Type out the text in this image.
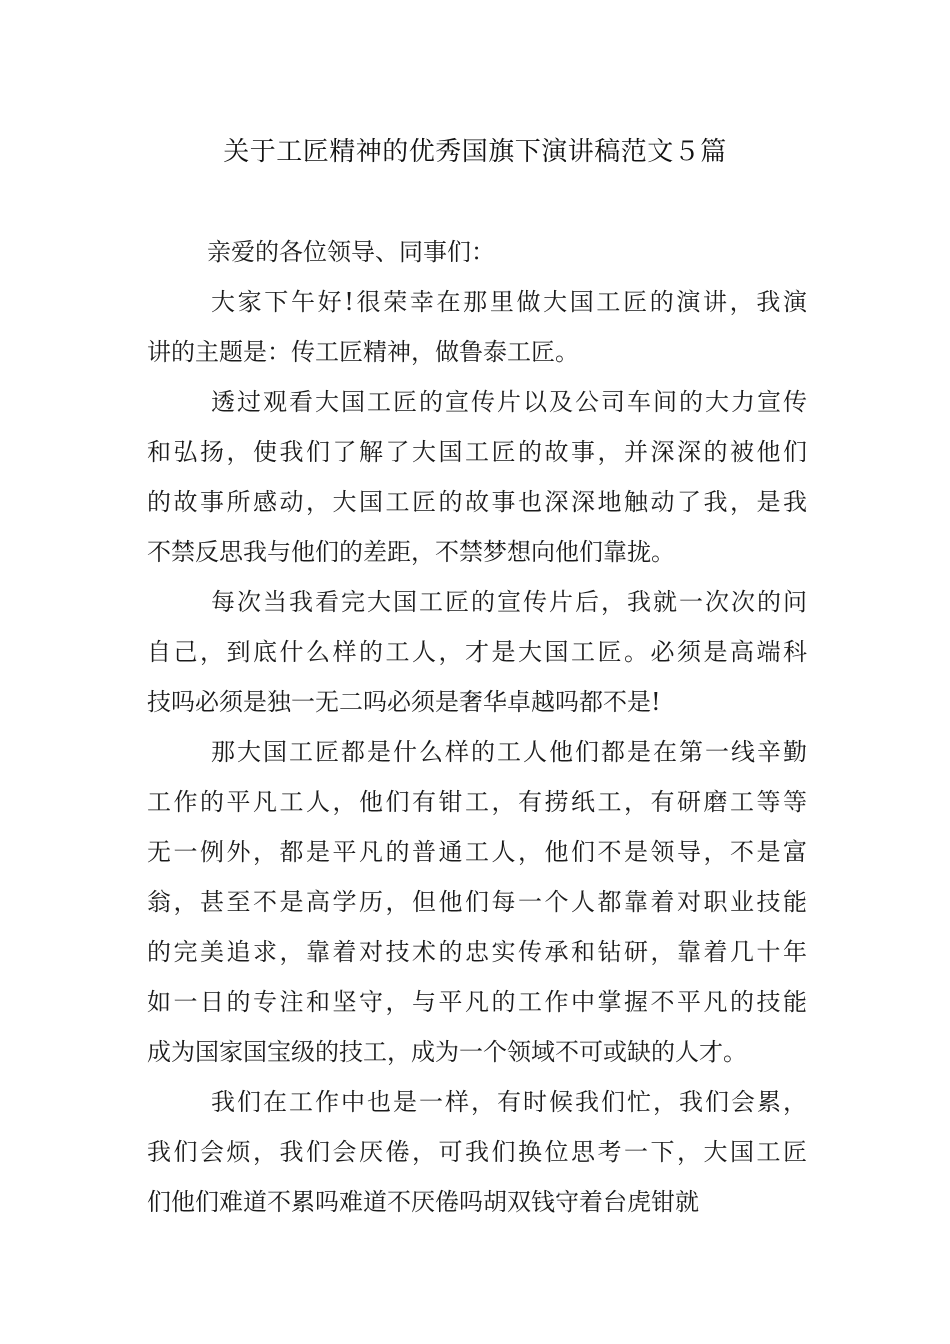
关于工匠精神的优秀国旗下演讲稿范文５篇
亲爱的各位领导、同事们：
大家下午好!很荣幸在那里做大国工匠的演讲，我演
讲的主题是：传工匠精神，做鲁泰工匠。
透过观看大国工匠的宣传片以及公司车间的大力宣传
和弘扬，使我们了解了大国工匠的故事，并深深的被他们
的故事所感动，大国工匠的故事也深深地触动了我，是我
不禁反思我与他们的差距，不禁梦想向他们靠拢。
每次当我看完大国工匠的宣传片后，我就一次次的问
自己，到底什么样的工人，才是大国工匠。必须是高端科
技吗必须是独一无二吗必须是奢华卓越吗都不是!
那大国工匠都是什么样的工人他们都是在第一线辛勤
工作的平凡工人，他们有钳工，有捞纸工，有研磨工等等
无一例外，都是平凡的普通工人，他们不是领导，不是富
翁，甚至不是高学历，但他们每一个人都靠着对职业技能
的完美追求，靠着对技术的忠实传承和钻研，靠着几十年
如一日的专注和坚守，与平凡的工作中掌握不平凡的技能
成为国家国宝级的技工，成为一个领域不可或缺的人才。
我们在工作中也是一样，有时候我们忙，我们会累，
我们会烦，我们会厌倦，可我们换位思考一下，大国工匠
们他们难道不累吗难道不厌倦吗胡双钱守着台虎钳就
